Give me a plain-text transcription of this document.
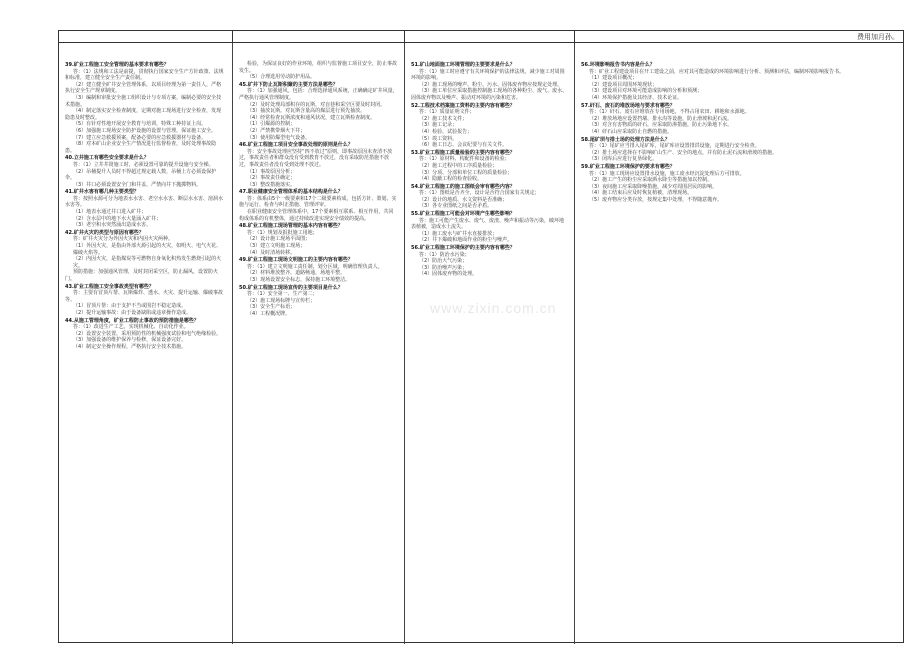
费用加月孙。

39.矿业工程施工安全管理的基本要求有哪些？

答：（1）法规和工法是前提，贯彻执行国家安全生产方针政策、法规和标准，建立健全安全生产责任制。

（2）建立健全矿井安全管理体系，以项目经理为第一责任人，严格执行安全生产规章制度。

（3）编制和审批安全施工组织设计与专项方案，编制必要的安全技术措施。

（4）制定落实安全检查制度，定期对施工现场进行安全检查，发现隐患及时整改。

（5）有针对性地开展安全教育与培训，特殊工种持证上岗。

（6）加强施工现场安全防护设施的设置与管理，保证施工安全。

（7）建立应急救援预案，配备必要的应急救援器材与设备。

（8）对本矿山企业安全生产情况进行监督检查，及时处理事故隐患。

40.立井施工有哪些安全要求是什么？

答：（1）立井井筒施工时，必须设置可靠的提升设施与安全梯。

（2）吊桶提升人员时不得超过规定载人数，吊桶上方必须设保护伞。

（3）井口必须设置安全门和井盖，严禁向井下抛掷物料。

41.矿井水害有哪几种主要类型？

答：按照水源可分为地表水水害、老空水水害、断层水水害、溶洞水水害等。

（1）地表水通过井口进入矿井；

（2）含水层中的地下水大量涌入矿井；

（3）老空积水突然涌出造成水害。

42.矿井火灾的类型与原因有哪些？

答：矿井火灾分为外因火灾和内因火灾两种。

（1）外因火灾，是指由外部火源引起的火灾，如明火、电气火花、爆破火焰等。

（2）内因火灾，是指煤炭等可燃物自身氧化积热发生燃烧引起的火灾。

预防措施：加强通风管理，及时封闭采空区，防止漏风，设置防火门。

43.矿业工程施工安全事故类型有哪些？

答：主要有冒顶片帮、瓦斯爆炸、透水、火灾、提升运输、爆破事故等。

（1）冒顶片帮：由于支护不当或围岩不稳定造成。

（2）提升运输事故：由于设备缺陷或违章操作造成。

44.从施工管理角度，矿业工程防止事故的预防措施是哪些？

答：（1）改进生产工艺，实现机械化、自动化作业。

（2）设置安全装置，采用预防性的机械强度试验和电气绝缘检验。

（3）加强设备的维护保养与检修，保证设备完好。

（4）制定安全操作规程，严格执行安全技术措施。

检验，为保证良好的作业环境，组织与监督施工项目安全，防止事故发生。

（5）合理选用劳动防护用品。

45.矿井下防止瓦斯积聚的主要方法是哪些？

答：（1）加强通风。包括：合理选择通风系统，正确确定矿井风量，严格执行通风管理制度。

（2）及时处理局部积存的瓦斯，对盲巷和采空区要及时封闭。

（3）抽放瓦斯。对瓦斯含量高的煤层进行预先抽放。

（4）经常检查瓦斯浓度和通风状况，建立瓦斯检查制度。

（1）引爆源的控制；

（2）严禁携带烟火下井；

（3）使用防爆型电气设备。

46.矿业工程施工项目安全事故处理的原则是什么？

答：安全事故处理应坚持“四不放过”原则，即事故原因未查清不放过，事故责任者和群众没有受到教育不放过，没有采取防范措施不放过，事故责任者没有受到处理不放过。

（1）事故原因分析；

（2）事故责任确定；

（3）整改措施落实。

47.职业健康安全管理体系的基本结构是什么？

答：体系由5个一级要素和17个二级要素构成，包括方针、策划、实施与运行、检查与纠正措施、管理评审。

在职业健康安全管理体系中，17个要素相互联系、相互作用，共同构成体系的有机整体，通过持续改进实现安全绩效的提高。

48.矿业工程施工现场管理的基本内容有哪些？

答：（1）规划及报批施工用地；

（2）设计施工现场平面图；

（3）建立文明施工现场；

（4）及时清场转移。

49.矿业工程施工现场文明施工的主要内容有哪些？

答：（1）建立文明施工责任制，划分区域，明确管理负责人。

（2）材料堆放整齐，道路畅通，场地平整。

（3）现场设置安全标志，保持施工环境整洁。

50.矿业工程施工现场宣传的主要项目是什么？

答：（1）安全第一、生产第二；

（2）施工现场标牌与宣传栏；

（3）安全生产标语；

（4）工程概况牌。

51.矿山地面施工环境管理的主要要求是什么？

答：（1）施工时应遵守有关环境保护的法律法规，减少施工对周围环境的影响。

（2）施工现场的噪声、粉尘、污水、固体废弃物应按规定处理。

（3）施工单位应采取措施控制施工现场的各种粉尘、废气、废水、固体废弃物以及噪声、振动对环境的污染和危害。

52.工程技术档案施工资料的主要内容有哪些？

答：（1）质量证明文件；

（2）施工技术文件；

（3）施工记录；

（4）检验、试验报告；

（5）竣工资料。

（6）施工日志、会议纪要与有关文件。

53.矿业工程施工质量检验的主要内容有哪些？

答：（1）原材料、构配件和设备的检验；

（2）施工过程中的工序质量检验；

（3）分项、分部和单位工程的质量检验；

（4）隐蔽工程的检查验收。

54.矿业工程施工的施工图纸会审有哪些内容？

答：（1）图纸是否齐全，设计是否符合国家有关规定；

（2）设计的地质、水文资料是否准确；

（3）各专业图纸之间是否矛盾。

55.矿业工程施工可能会对环境产生哪些影响？

答：施工可能产生废水、废气、废渣、噪声和振动等污染，破坏地表植被，造成水土流失。

（1）施工废水与矿井水直接排放；

（2）井下爆破和地面作业的粉尘与噪声。

56.矿业工程施工环境保护的主要内容有哪些？

答：（1）防治水污染；

（2）防治大气污染；

（3）防治噪声污染；

（4）固体废弃物的处理。

56.环境影响报告书内容是什么？

答：矿业工程建设项目在开工建设之前，应对其可能造成的环境影响进行分析、预测和评估，编制环境影响报告书。

（1）建设项目概况；

（2）建设项目周围环境现状；

（3）建设项目对环境可能造成影响的分析和预测；

（4）环境保护措施及其经济、技术论证。

57.矸石、废石的堆放场地与要求有哪些？

答：（1）矸石、废石应堆放在专用场地，不得占用农田、耕地和水源地。

（2）堆放场地应设置挡墙、排水沟等设施，防止滑坡和泥石流。

（3）对含有害物质的矸石，应采取防渗措施，防止污染地下水。

（4）矸石山应采取防止自燃的措施。

58.尾矿坝与排土场的处理方法是什么？

答：（1）尾矿应当排入尾矿库，尾矿库应设置排洪设施，定期进行安全检查。

（2）排土场应选择在不影响矿山生产、安全的地点，并有防止泥石流和滑坡的措施。

（3）闭库后应进行复垦绿化。

59.矿业工程施工环境保护的要求有哪些？

答：（1）施工现场应设置排水设施，施工废水经沉淀处理后方可排放。

（2）施工产生的粉尘应采取洒水降尘等措施加以控制。

（3）夜间施工应采取降噪措施，减少对周围居民的影响。

（4）施工结束后应及时恢复植被，清理现场。

（5）废弃物应分类存放，按规定集中处理，不得随意抛弃。

www.zixin.com.cn
